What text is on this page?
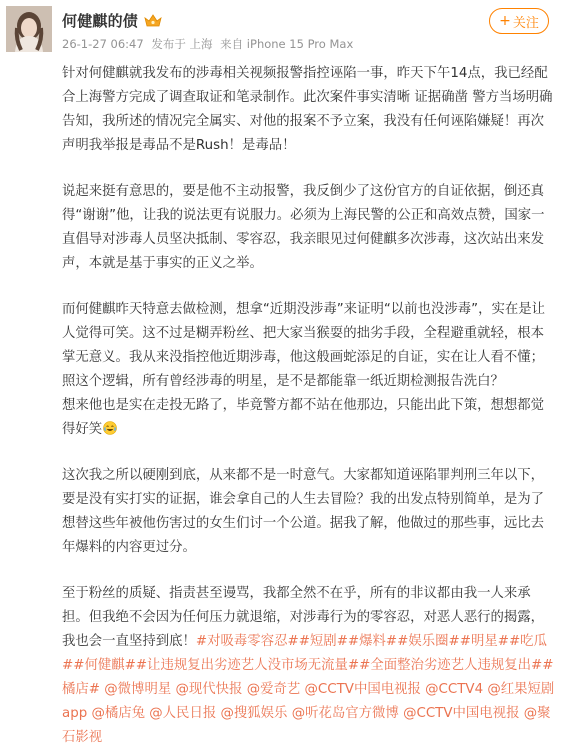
何健麒的债
26-1-27 06:47 发布于 上海 来自 iPhone 15 Pro Max
+ 关注

针对何健麒就我发布的涉毒相关视频报警指控诬陷一事，昨天下午14点，我已经配合上海警方完成了调查取证和笔录制作。此次案件事实清晰 证据确凿 警方当场明确告知，我所述的情况完全属实、对他的报案不予立案，我没有任何诬陷嫌疑！再次声明我举报是毒品不是Rush！是毒品！

说起来挺有意思的，要是他不主动报警，我反倒少了这份官方的自证依据，倒还真得“谢谢”他，让我的说法更有说服力。必须为上海民警的公正和高效点赞，国家一直倡导对涉毒人员坚决抵制、零容忍，我亲眼见过何健麒多次涉毒，这次站出来发声，本就是基于事实的正义之举。

而何健麒昨天特意去做检测，想拿“近期没涉毒”来证明“以前也没涉毒”，实在是让人觉得可笑。这不过是糊弄粉丝、把大家当猴耍的拙劣手段，全程避重就轻，根本掌无意义。我从来没指控他近期涉毒，他这般画蛇添足的自证，实在让人看不懂；照这个逻辑，所有曾经涉毒的明星，是不是都能靠一纸近期检测报告洗白？
想来他也是实在走投无路了，毕竟警方都不站在他那边，只能出此下策，想想都觉得好笑

这次我之所以硬刚到底，从来都不是一时意气。大家都知道诬陷罪判刑三年以下，要是没有实打实的证据，谁会拿自己的人生去冒险？我的出发点特别简单，是为了想替这些年被他伤害过的女生们讨一个公道。据我了解，他做过的那些事，远比去年爆料的内容更过分。

至于粉丝的质疑、指责甚至谩骂，我都全然不在乎，所有的非议都由我一人来承担。但我绝不会因为任何压力就退缩，对涉毒行为的零容忍，对恶人恶行的揭露，我也会一直坚持到底！#对吸毒零容忍##短剧##爆料##娱乐圈##明星##吃瓜##何健麒##让违规复出劣迹艺人没市场无流量##全面整治劣迹艺人违规复出##橘店# @微博明星 @现代快报 @爱奇艺 @CCTV中国电视报 @CCTV4 @红果短剧app @橘店兔 @人民日报 @搜狐娱乐 @听花岛官方微博 @CCTV中国电视报 @聚石影视
